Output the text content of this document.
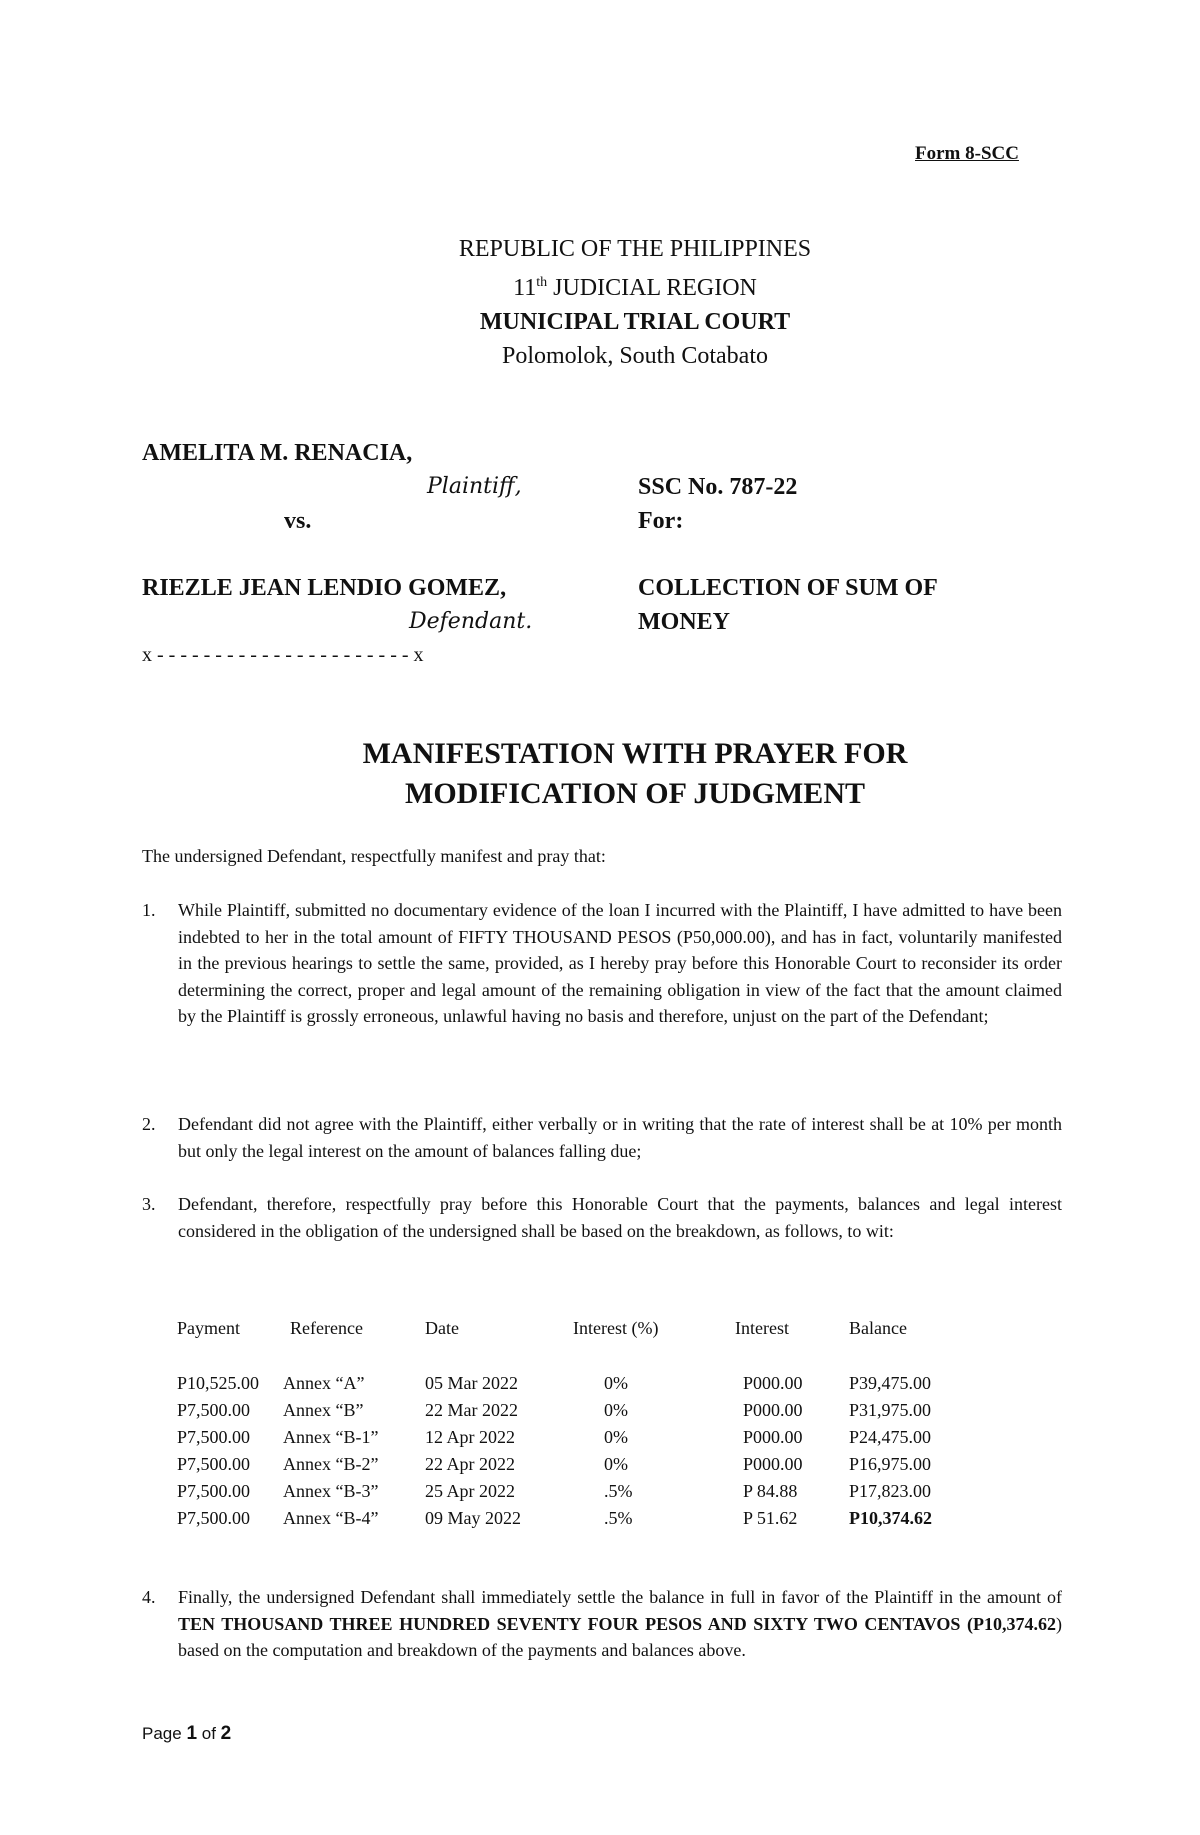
Form 8-SCC
REPUBLIC OF THE PHILIPPINES
11th JUDICIAL REGION
MUNICIPAL TRIAL COURT
Polomolok, South Cotabato
AMELITA M. RENACIA,
Plaintiff,
vs.
RIEZLE JEAN LENDIO GOMEZ,
Defendant.
x - - - - - - - - - - - - - - - - - - - - - - x
SSC No. 787-22
For:
COLLECTION OF SUM OF
MONEY
MANIFESTATION WITH PRAYER FOR
MODIFICATION OF JUDGMENT
The undersigned Defendant, respectfully manifest and pray that:
1. While Plaintiff, submitted no documentary evidence of the loan I incurred with the Plaintiff, I have admitted to have been indebted to her in the total amount of FIFTY THOUSAND PESOS (P50,000.00), and has in fact, voluntarily manifested in the previous hearings to settle the same, provided, as I hereby pray before this Honorable Court to reconsider its order determining the correct, proper and legal amount of the remaining obligation in view of the fact that the amount claimed by the Plaintiff is grossly erroneous, unlawful having no basis and therefore, unjust on the part of the Defendant;
2. Defendant did not agree with the Plaintiff, either verbally or in writing that the rate of interest shall be at 10% per month but only the legal interest on the amount of balances falling due;
3. Defendant, therefore, respectfully pray before this Honorable Court that the payments, balances and legal interest considered in the obligation of the undersigned shall be based on the breakdown, as follows, to wit:
Payment	Reference	Date	Interest (%)	Interest	Balance
P10,525.00 Annex “A”	05 Mar 2022	0%	P000.00	P39,475.00
P7,500.00 Annex “B”	22 Mar 2022	0%	P000.00	P31,975.00
P7,500.00 Annex “B-1”	12 Apr 2022	0%	P000.00	P24,475.00
P7,500.00 Annex “B-2”	22 Apr 2022	0%	P000.00	P16,975.00
P7,500.00 Annex “B-3”	25 Apr 2022	.5%	P 84.88	P17,823.00
P7,500.00 Annex “B-4”	09 May 2022	.5%	P 51.62	P10,374.62
4. Finally, the undersigned Defendant shall immediately settle the balance in full in favor of the Plaintiff in the amount of TEN THOUSAND THREE HUNDRED SEVENTY FOUR PESOS AND SIXTY TWO CENTAVOS (P10,374.62) based on the computation and breakdown of the payments and balances above.
Page 1 of 2
